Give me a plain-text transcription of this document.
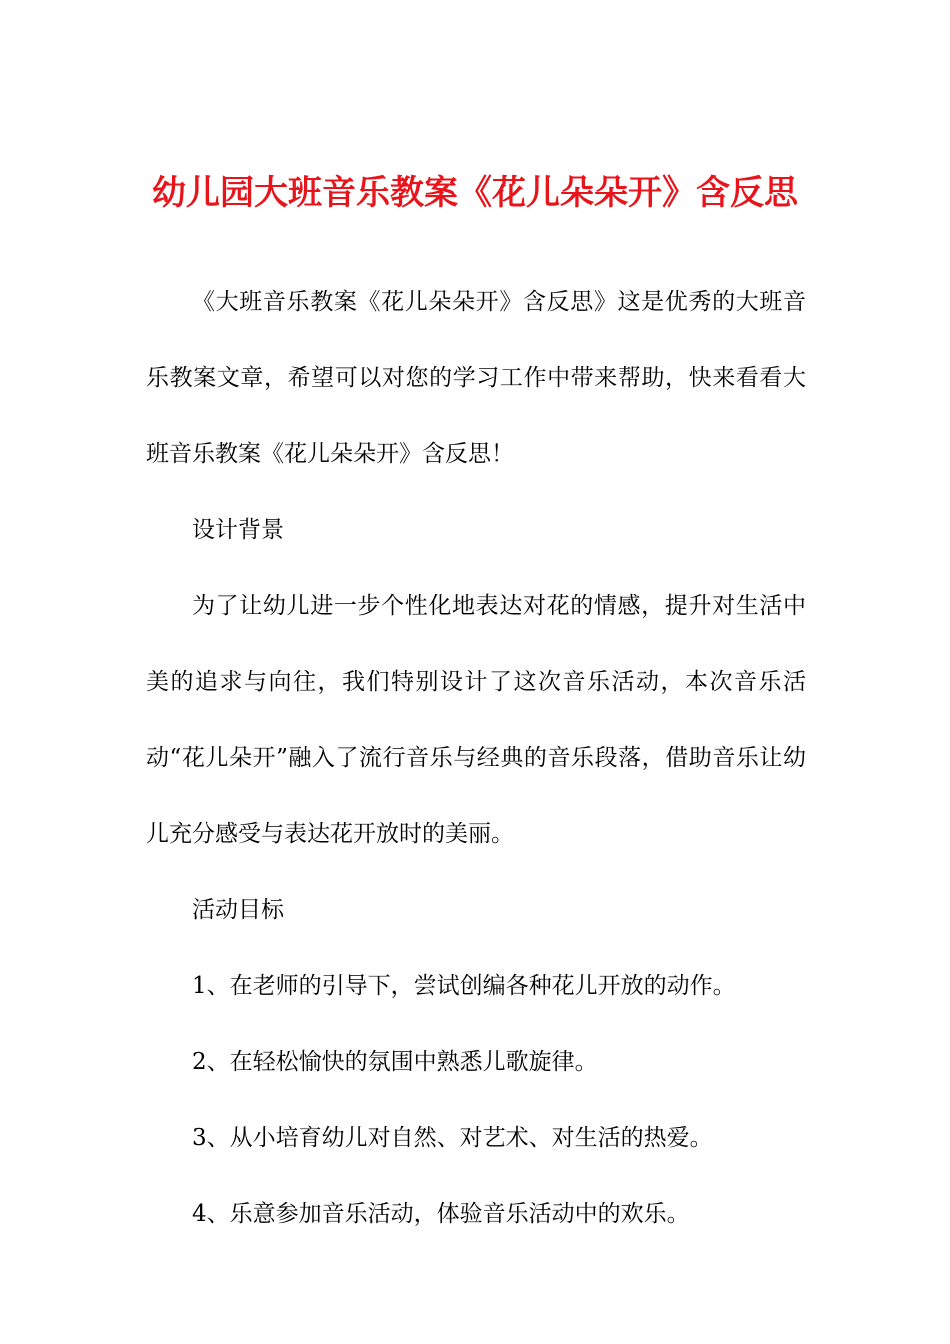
幼儿园大班音乐教案《花儿朵朵开》含反思

《大班音乐教案《花儿朵朵开》含反思》这是优秀的大班音乐教案文章，希望可以对您的学习工作中带来帮助，快来看看大班音乐教案《花儿朵朵开》含反思！

设计背景

为了让幼儿进一步个性化地表达对花的情感，提升对生活中美的追求与向往，我们特别设计了这次音乐活动，本次音乐活动“花儿朵开”融入了流行音乐与经典的音乐段落，借助音乐让幼儿充分感受与表达花开放时的美丽。

活动目标

1、在老师的引导下，尝试创编各种花儿开放的动作。

2、在轻松愉快的氛围中熟悉儿歌旋律。

3、从小培育幼儿对自然、对艺术、对生活的热爱。

4、乐意参加音乐活动，体验音乐活动中的欢乐。
